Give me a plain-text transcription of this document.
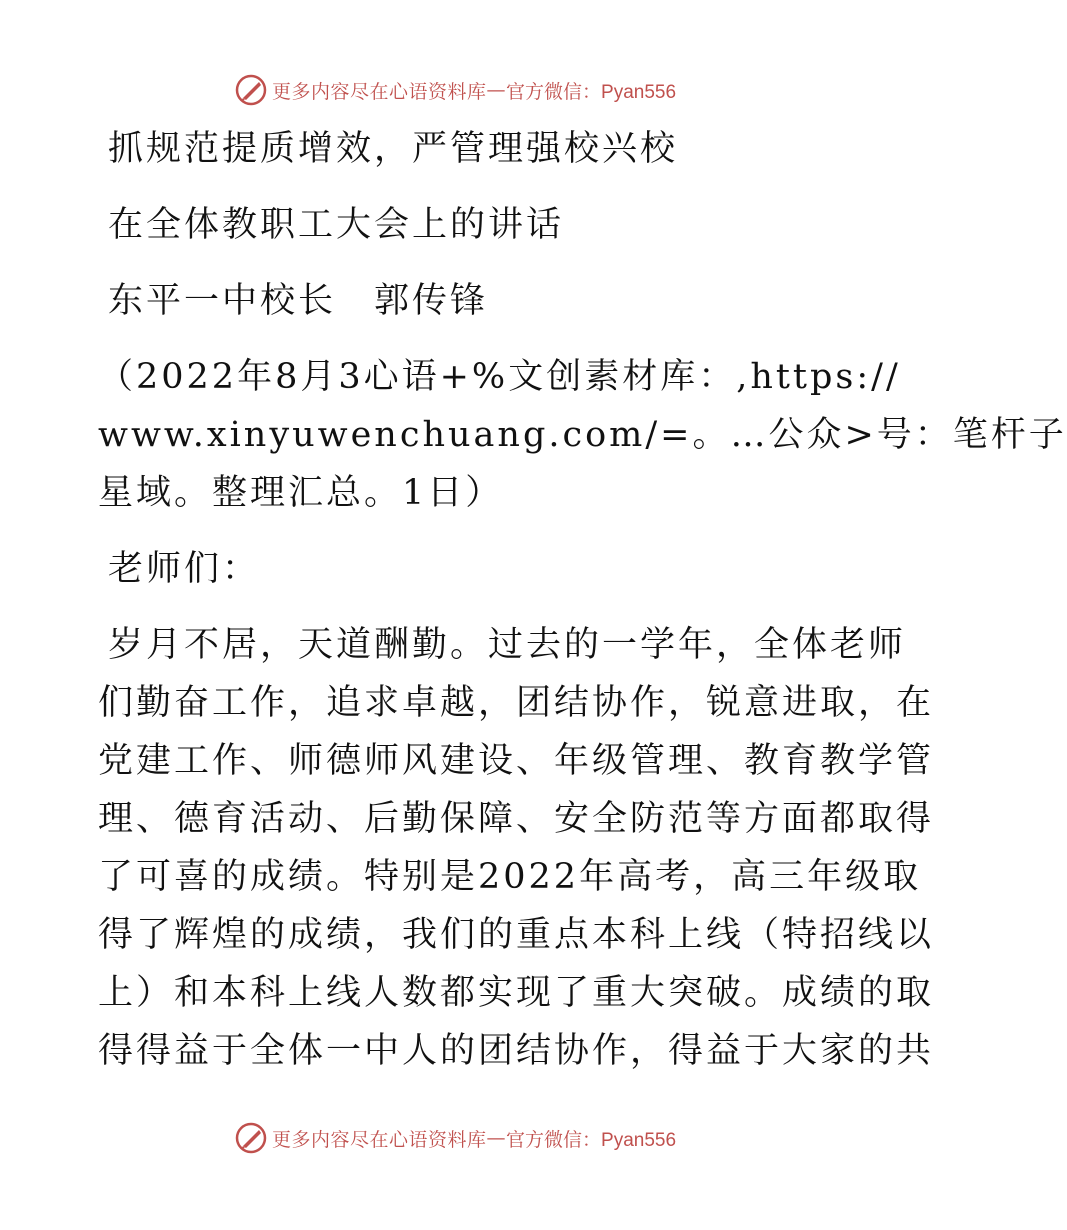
更多内容尽在心语资料库 — 官方微信：Pyan556
抓规范提质增效，严管理强校兴校
在全体教职工大会上的讲话
东平一中校长　郭传锋
（2022年8月3心语+%文创素材库：,https://
www.xinyuwenchuang.com/=。…公众>号：笔杆子
星域。整理汇总。1日）
老师们：
岁月不居，天道酬勤。过去的一学年，全体老师
们勤奋工作，追求卓越，团结协作，锐意进取，在
党建工作、师德师风建设、年级管理、教育教学管
理、德育活动、后勤保障、安全防范等方面都取得
了可喜的成绩。特别是2022年高考，高三年级取
得了辉煌的成绩，我们的重点本科上线（特招线以
上）和本科上线人数都实现了重大突破。成绩的取
得得益于全体一中人的团结协作，得益于大家的共
更多内容尽在心语资料库 — 官方微信：Pyan556
